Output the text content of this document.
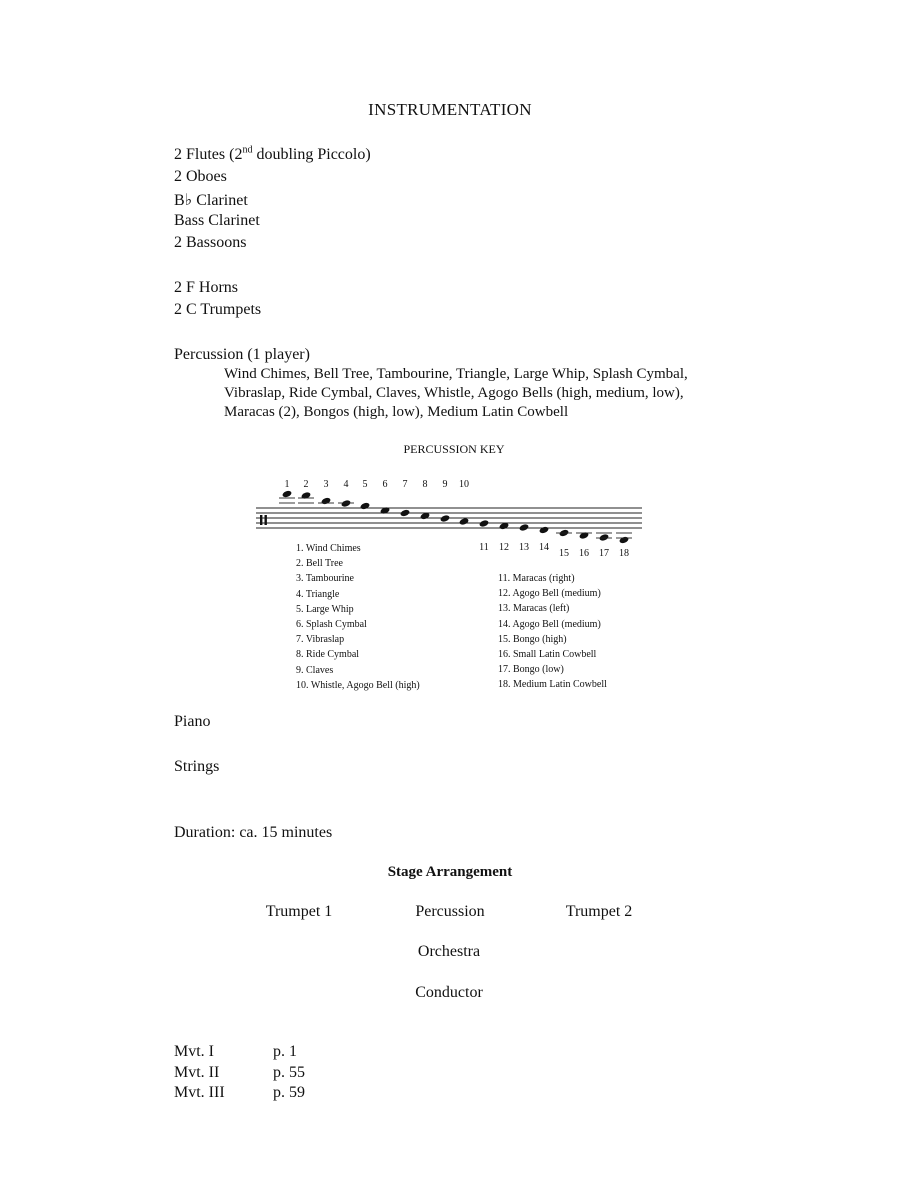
INSTRUMENTATION
2 Flutes (2nd doubling Piccolo)
2 Oboes
B♭ Clarinet
Bass Clarinet
2 Bassoons
2 F Horns
2 C Trumpets
Percussion (1 player)
Wind Chimes, Bell Tree, Tambourine, Triangle, Large Whip, Splash Cymbal, Vibraslap, Ride Cymbal, Claves, Whistle, Agogo Bells (high, medium, low), Maracas (2), Bongos (high, low), Medium Latin Cowbell
PERCUSSION KEY
1 2 3 4 5 6 7 8 9 10
11 12 13 14
15 16 17 18
1. Wind Chimes
2. Bell Tree
3. Tambourine
4. Triangle
5. Large Whip
6. Splash Cymbal
7. Vibraslap
8. Ride Cymbal
9. Claves
10. Whistle, Agogo Bell (high)
11. Maracas (right)
12. Agogo Bell (medium)
13. Maracas (left)
14. Agogo Bell (medium)
15. Bongo (high)
16. Small Latin Cowbell
17. Bongo (low)
18. Medium Latin Cowbell
Piano
Strings
Duration: ca. 15 minutes
Stage Arrangement
Trumpet 1	Percussion	Trumpet 2
Orchestra
Conductor
Mvt. I	p. 1
Mvt. II	p. 55
Mvt. III	p. 59
